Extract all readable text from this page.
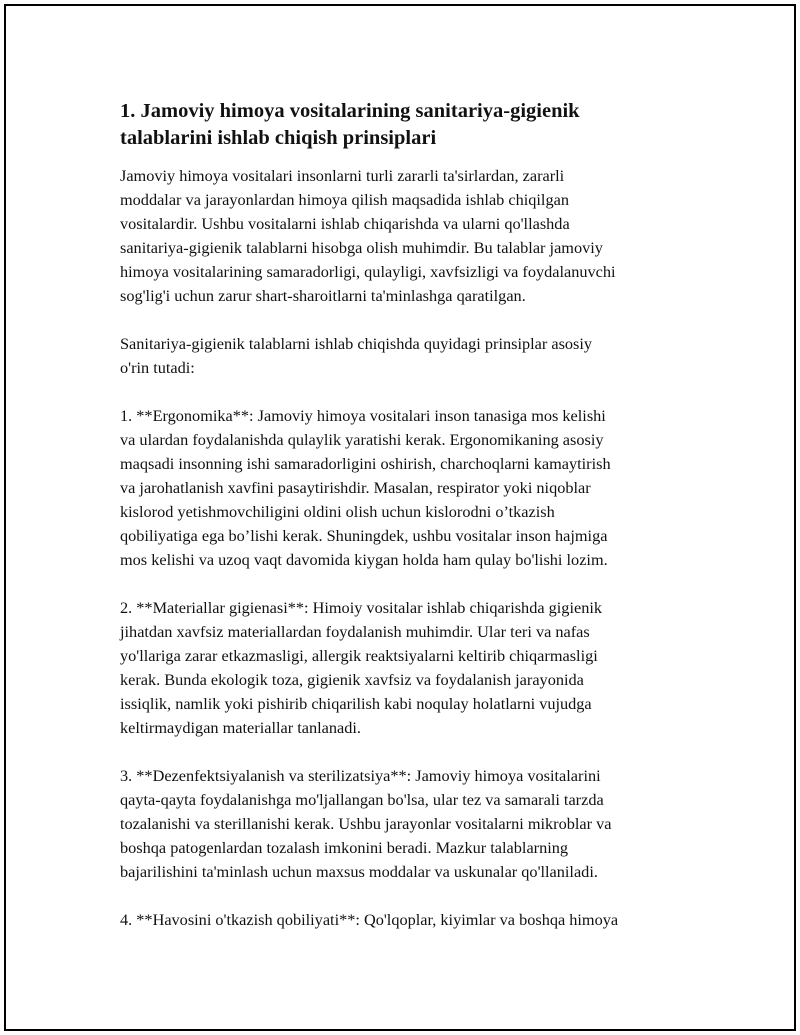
1. Jamoviy himoya vositalarining sanitariya-gigienik
talablarini ishlab chiqish prinsiplari

Jamoviy himoya vositalari insonlarni turli zararli ta'sirlardan, zararli
moddalar va jarayonlardan himoya qilish maqsadida ishlab chiqilgan
vositalardir. Ushbu vositalarni ishlab chiqarishda va ularni qo'llashda
sanitariya-gigienik talablarni hisobga olish muhimdir. Bu talablar jamoviy
himoya vositalarining samaradorligi, qulayligi, xavfsizligi va foydalanuvchi
sog'lig'i uchun zarur shart-sharoitlarni ta'minlashga qaratilgan.

Sanitariya-gigienik talablarni ishlab chiqishda quyidagi prinsiplar asosiy
o'rin tutadi:

1. **Ergonomika**: Jamoviy himoya vositalari inson tanasiga mos kelishi
va ulardan foydalanishda qulaylik yaratishi kerak. Ergonomikaning asosiy
maqsadi insonning ishi samaradorligini oshirish, charchoqlarni kamaytirish
va jarohatlanish xavfini pasaytirishdir. Masalan, respirator yoki niqoblar
kislorod yetishmovchiligini oldini olish uchun kislorodni o’tkazish
qobiliyatiga ega bo’lishi kerak. Shuningdek, ushbu vositalar inson hajmiga
mos kelishi va uzoq vaqt davomida kiygan holda ham qulay bo'lishi lozim.

2. **Materiallar gigienasi**: Himoiy vositalar ishlab chiqarishda gigienik
jihatdan xavfsiz materiallardan foydalanish muhimdir. Ular teri va nafas
yo'llariga zarar etkazmasligi, allergik reaktsiyalarni keltirib chiqarmasligi
kerak. Bunda ekologik toza, gigienik xavfsiz va foydalanish jarayonida
issiqlik, namlik yoki pishirib chiqarilish kabi noqulay holatlarni vujudga
keltirmaydigan materiallar tanlanadi.

3. **Dezenfektsiyalanish va sterilizatsiya**: Jamoviy himoya vositalarini
qayta-qayta foydalanishga mo'ljallangan bo'lsa, ular tez va samarali tarzda
tozalanishi va sterillanishi kerak. Ushbu jarayonlar vositalarni mikroblar va
boshqa patogenlardan tozalash imkonini beradi. Mazkur talablarning
bajarilishini ta'minlash uchun maxsus moddalar va uskunalar qo'llaniladi.

4. **Havosini o'tkazish qobiliyati**: Qo'lqoplar, kiyimlar va boshqa himoya
